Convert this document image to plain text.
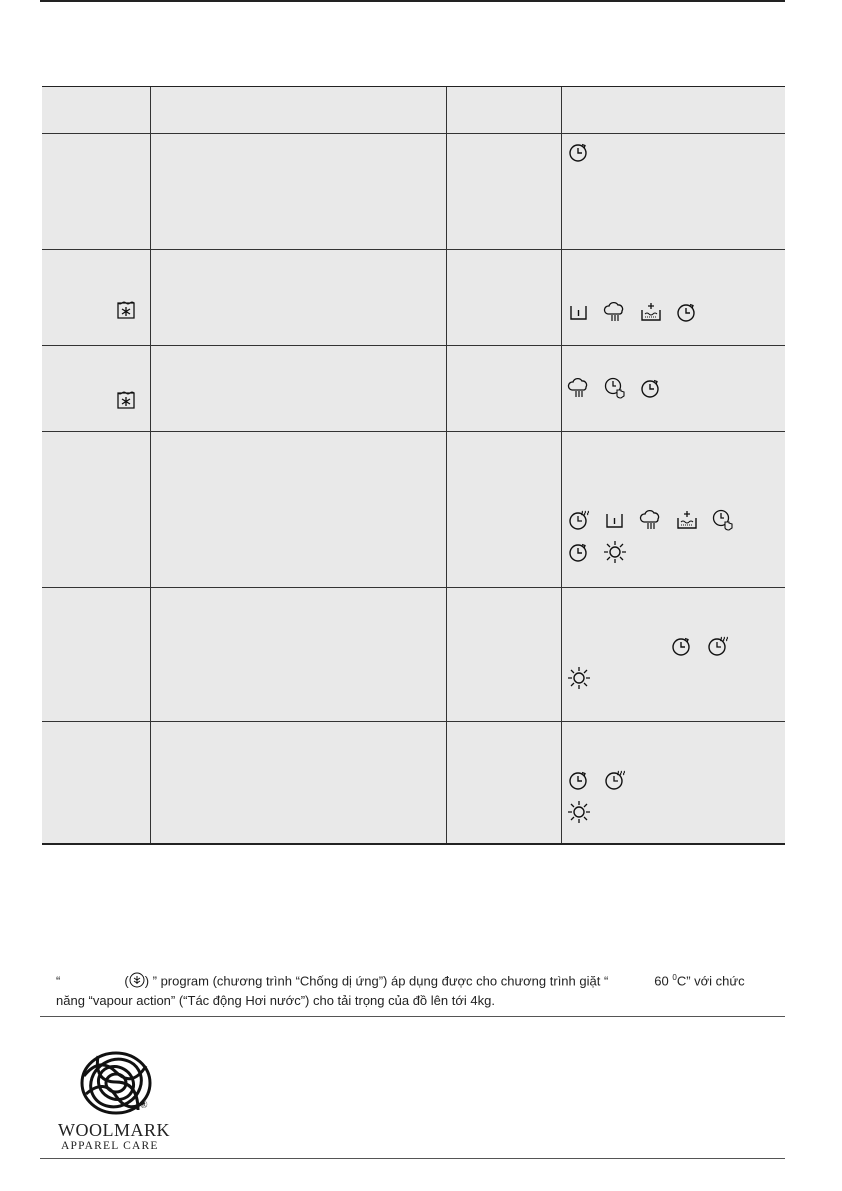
“	( ) ” program (chương trình “Chống dị ứng”) áp dụng được cho chương trình giặt “	60 $^0$C” với chức năng “vapour action” (“Tác động Hơi nước”) cho tải trọng của đồ lên tới 4kg.
®
WOOLMARK
APPAREL CARE
